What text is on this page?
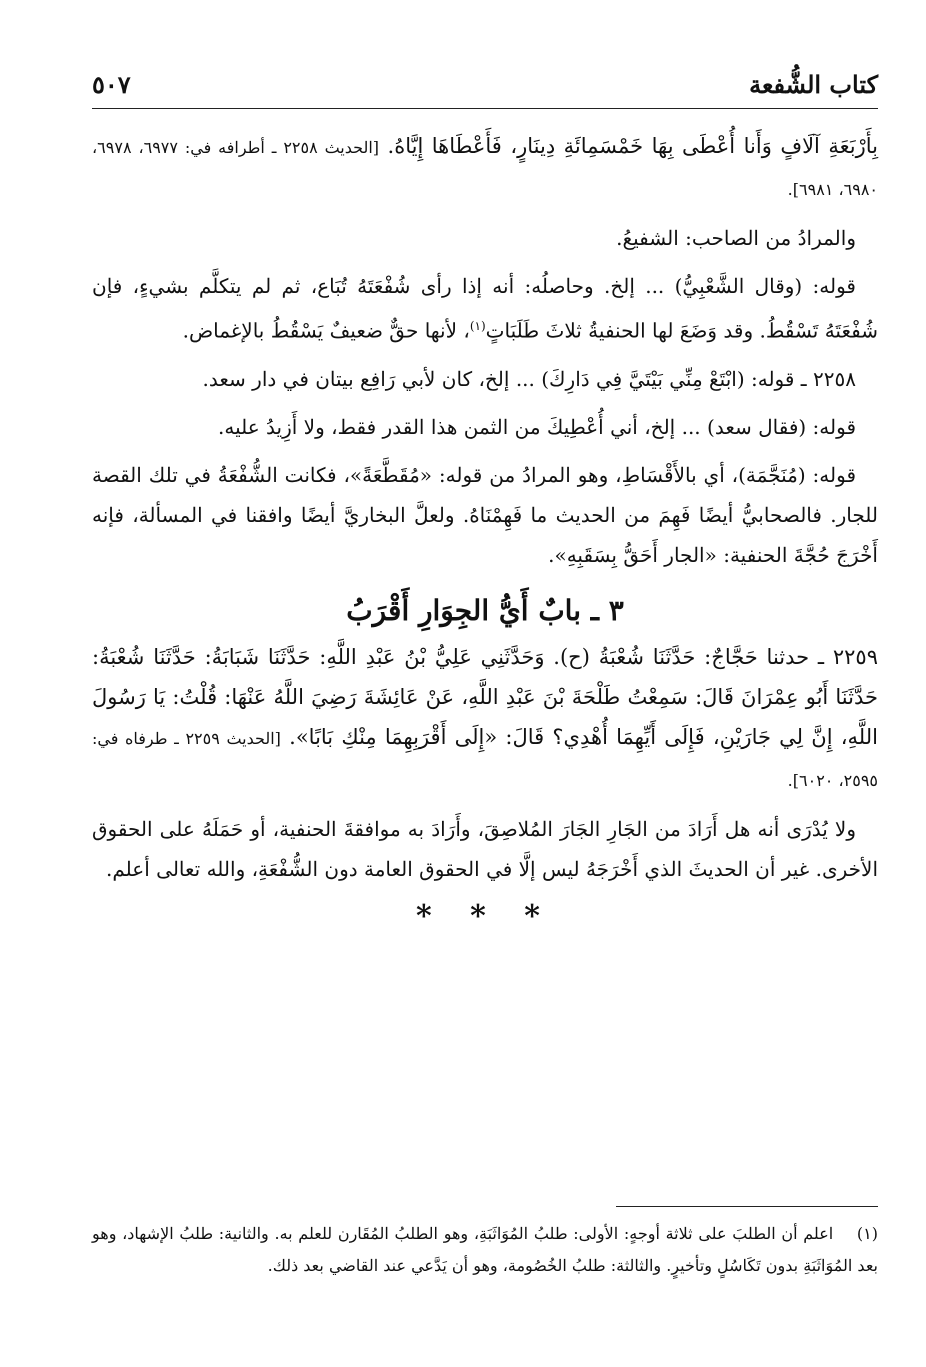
كتاب الشُّفعة
٥٠٧

بِأَرْبَعَةِ آلَافٍ وَأَنا أُعْطَى بِهَا خَمْسَمِائَةِ دِينَارٍ، فَأَعْطَاهَا إِيَّاهُ. [الحديث ٢٢٥٨ ـ أطرافه في: ٦٩٧٧، ٦٩٧٨، ٦٩٨٠، ٦٩٨١].

والمرادُ من الصاحب: الشفيعُ.

قوله: (وقال الشَّعْبِيُّ) ... إلخ. وحاصلُه: أنه إذا رأى شُفْعَتَهُ تُبَاع، ثم لم يتكلَّم بشيءٍ، فإن شُفْعَتَهُ تَسْقُطُ. وقد وَضَعَ لها الحنفيةُ ثلاثَ طَلَبَاتٍ$^{(١)}$، لأنها حقٌّ ضعيفٌ يَسْقُطُ بالإغماض.

٢٢٥٨ ـ قوله: (ابْتَعْ مِنِّي بَيْتَيَّ فِي دَارِكَ) ... إلخ، كان لأبي رَافِع بيتان في دار سعد.

قوله: (فقال سعد) ... إلخ، أني أُعْطِيكَ من الثمن هذا القدر فقط، ولا أَزِيدُ عليه.

قوله: (مُنَجَّمَة)، أي بالأَقْسَاطِ، وهو المرادُ من قوله: «مُقَطَّعَةً»، فكانت الشُّفْعَةُ في تلك القصة للجار. فالصحابيُّ أيضًا فَهِمَ من الحديث ما فَهِمْنَاهُ. ولعلَّ البخاريَّ أيضًا وافقنا في المسألة، فإنه أَخْرَجَ حُجَّةَ الحنفية: «الجار أَحَقُّ بِسَقَبِهِ».

٣ ـ بابٌ أَيُّ الجِوَارِ أَقْرَبُ

٢٢٥٩ ـ حدثنا حَجَّاجٌ: حَدَّثَنَا شُعْبَةُ (ح). وَحَدَّثَنِي عَلِيُّ بْنُ عَبْدِ اللَّهِ: حَدَّثَنَا شَبَابَةُ: حَدَّثَنَا شُعْبَةُ: حَدَّثَنَا أَبُو عِمْرَانَ قَالَ: سَمِعْتُ طَلْحَةَ بْنَ عَبْدِ اللَّهِ، عَنْ عَائِشَةَ رَضِيَ اللَّهُ عَنْهَا: قُلْتُ: يَا رَسُولَ اللَّهِ، إِنَّ لِي جَارَيْنِ، فَإِلَى أَيِّهِمَا أُهْدِي؟ قَالَ: «إِلَى أَقْرَبِهِمَا مِنْكِ بَابًا». [الحديث ٢٢٥٩ ـ طرفاه في: ٢٥٩٥، ٦٠٢٠].

ولا يُدْرَى أنه هل أَرَادَ من الجَارِ الجَارَ المُلاصِقَ، وأَرَادَ به موافقةَ الحنفية، أو حَمَلَهُ على الحقوق الأخرى. غير أن الحديثَ الذي أَخْرَجَهُ ليس إلَّا في الحقوق العامة دون الشُّفْعَةِ، والله تعالى أعلم.

* * *
(١) اعلم أن الطلبَ على ثلاثة أوجهٍ: الأولى: طلبُ المُوَاثَبَةِ، وهو الطلبُ المُقَارن للعلم به. والثانية: طلبُ الإشهاد، وهو بعد المُوَاثَبَةِ بدون تَكَاسُلٍ وتأخيرٍ. والثالثة: طلبُ الخُصُومة، وهو أن يَدَّعي عند القاضي بعد ذلك.
